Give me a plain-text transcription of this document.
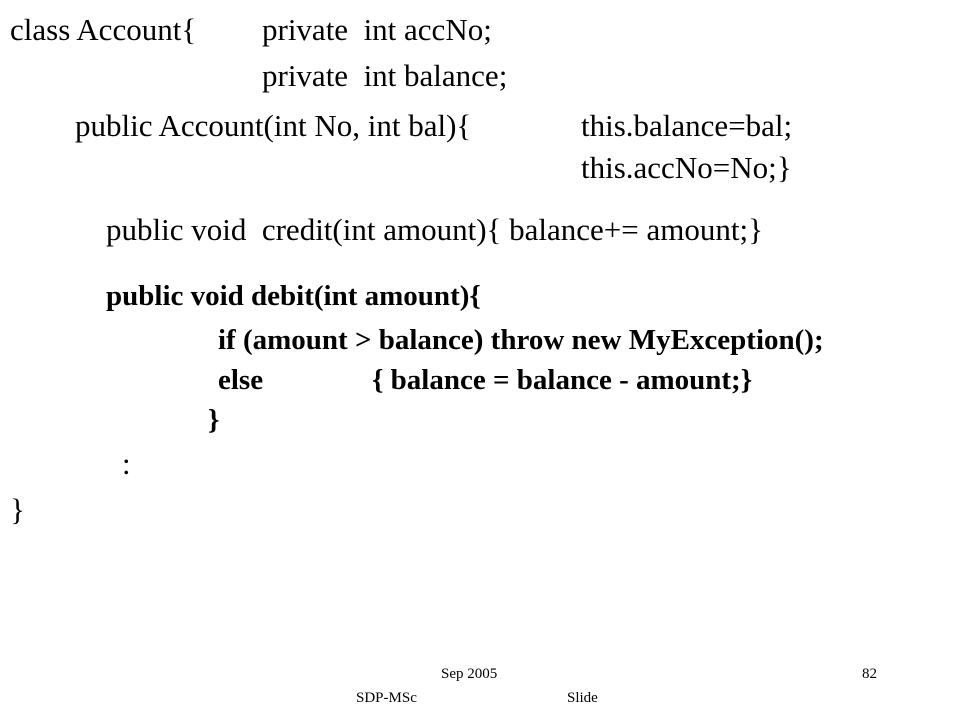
class Account{ private  int accNo;
private  int balance;
public Account(int No, int bal){	this.balance=bal;
this.accNo=No;}
public void  credit(int amount){ balance+= amount;}
public void debit(int amount){
if (amount > balance) throw new MyException();
else	{ balance = balance - amount;}
}
:
}
Sep 2005	82
SDP-MSc	Slide
